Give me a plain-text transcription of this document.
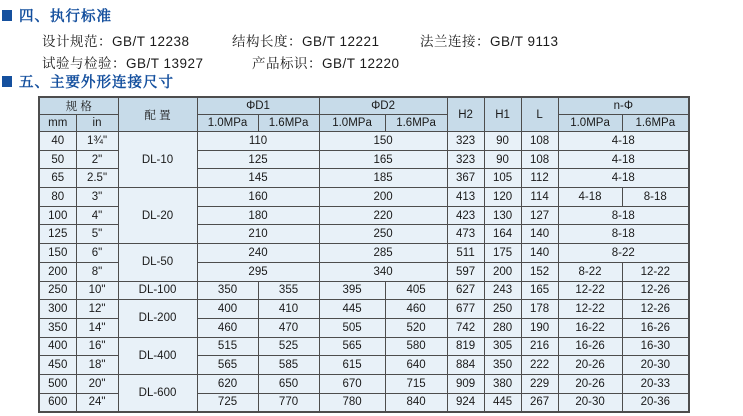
四、执行标准
设计规范：GB/T 12238	结构长度：GB/T 12221	法兰连接：GB/T 9113
试验与检验：GB/T 13927	产品标识：GB/T 12220
五、主要外形连接尺寸
规 格		配 置	ΦD1		ΦD2		H2	H1	L	n-Φ	
mm	in		1.0MPa	1.6MPa	1.0MPa	1.6MPa				1.0MPa	1.6MPa
40	1¾"	DL-10	110		150		323	90	108	4-18	
50	2"		125		165		323	90	108	4-18	
65	2.5"		145		185		367	105	112	4-18	
80	3"	DL-20	160		200		413	120	114	4-18	8-18
100	4"		180		220		423	130	127	8-18	
125	5"		210		250		473	164	140	8-18	
150	6"	DL-50	240		285		511	175	140	8-22	
200	8"		295		340		597	200	152	8-22	12-22
250	10"	DL-100	350	355	395	405	627	243	165	12-22	12-26
300	12"	DL-200	400	410	445	460	677	250	178	12-22	12-26
350	14"		460	470	505	520	742	280	190	16-22	16-26
400	16"	DL-400	515	525	565	580	819	305	216	16-26	16-30
450	18"		565	585	615	640	884	350	222	20-26	20-30
500	20"	DL-600	620	650	670	715	909	380	229	20-26	20-33
600	24"		725	770	780	840	924	445	267	20-30	20-36
